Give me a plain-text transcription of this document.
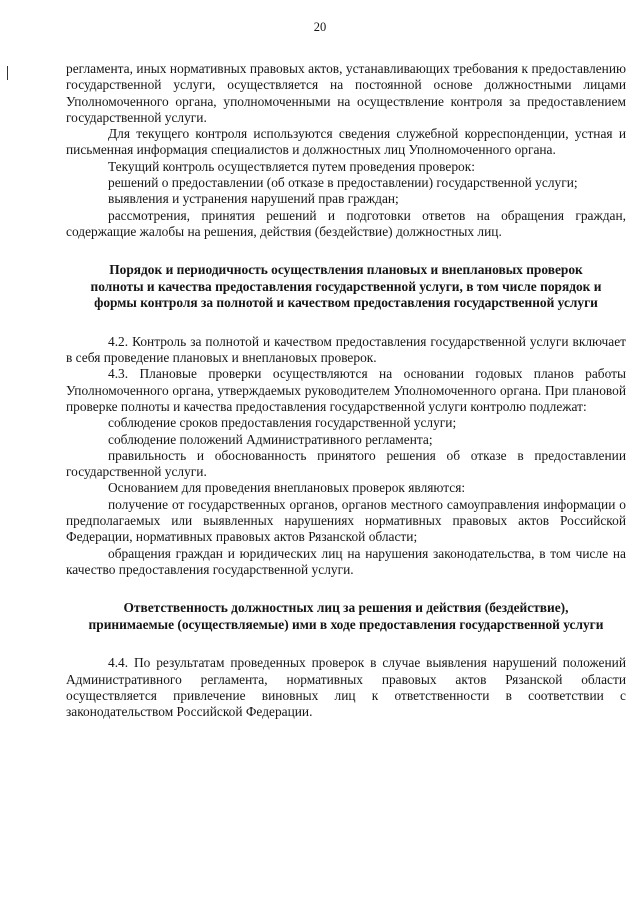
20

регламента, иных нормативных правовых актов, устанавливающих требования к предоставлению государственной услуги, осуществляется на постоянной основе должностными лицами Уполномоченного органа, уполномоченными на осуществление контроля за предоставлением государственной услуги.

Для текущего контроля используются сведения служебной корреспонденции, устная и письменная информация специалистов и должностных лиц Уполномоченного органа.

Текущий контроль осуществляется путем проведения проверок:

решений о предоставлении (об отказе в предоставлении) государственной услуги;

выявления и устранения нарушений прав граждан;

рассмотрения, принятия решений и подготовки ответов на обращения граждан, содержащие жалобы на решения, действия (бездействие) должностных лиц.

Порядок и периодичность осуществления плановых и внеплановых проверок полноты и качества предоставления государственной услуги, в том числе порядок и формы контроля за полнотой и качеством предоставления государственной услуги

4.2. Контроль за полнотой и качеством предоставления государственной услуги включает в себя проведение плановых и внеплановых проверок.

4.3. Плановые проверки осуществляются на основании годовых планов работы Уполномоченного органа, утверждаемых руководителем Уполномоченного органа. При плановой проверке полноты и качества предоставления государственной услуги контролю подлежат:

соблюдение сроков предоставления государственной услуги;

соблюдение положений Административного регламента;

правильность и обоснованность принятого решения об отказе в предоставлении государственной услуги.

Основанием для проведения внеплановых проверок являются:

получение от государственных органов, органов местного самоуправления информации о предполагаемых или выявленных нарушениях нормативных правовых актов Российской Федерации, нормативных правовых актов Рязанской области;

обращения граждан и юридических лиц на нарушения законодательства, в том числе на качество предоставления государственной услуги.

Ответственность должностных лиц за решения и действия (бездействие), принимаемые (осуществляемые) ими в ходе предоставления государственной услуги

4.4. По результатам проведенных проверок в случае выявления нарушений положений Административного регламента, нормативных правовых актов Рязанской области осуществляется привлечение виновных лиц к ответственности в соответствии с законодательством Российской Федерации.
